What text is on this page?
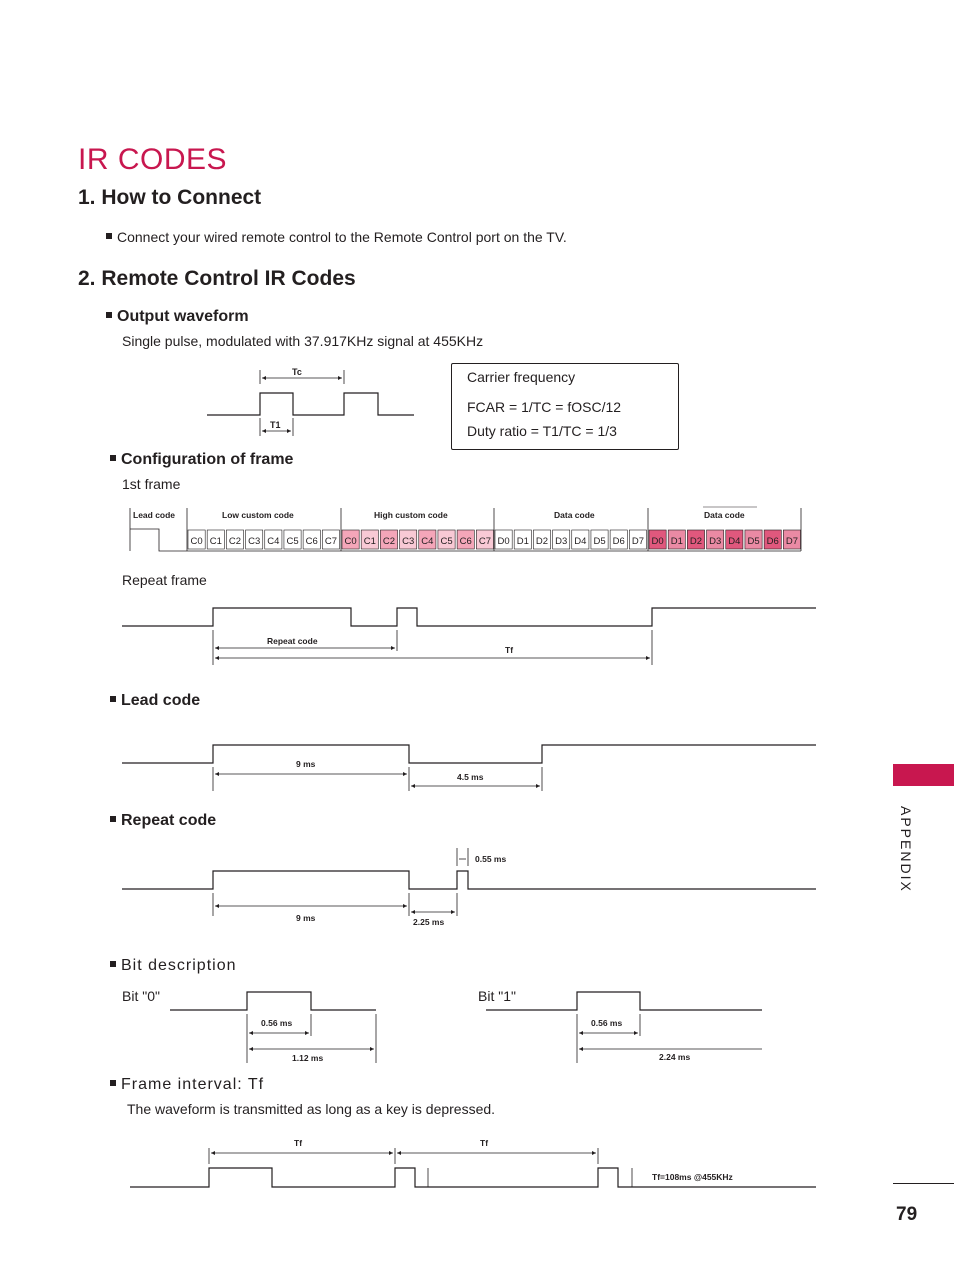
IR CODES
1. How to Connect
Connect your wired remote control to the Remote Control port on the TV.
2. Remote Control IR Codes
Output waveform
Single pulse, modulated with 37.917KHz signal at 455KHz
Carrier frequency
FCAR = 1/TC = fOSC/12
Duty ratio = T1/TC = 1/3
Configuration of frame
1st frame
Repeat frame
Lead code
Repeat code
Bit description
Bit "0"	Bit "1"
Frame interval: Tf
The waveform is transmitted as long as a key is depressed.
C0 C1 C2 C3 C4 C5 C6 C7 C0 C1 C2 C3 C4 C5 C6 C7 D0 D1 D2 D3 D4 D5 D6 D7 D0 D1 D2 D3 D4 D5 D6 D7
Tc
T1
Lead code	Low custom code	High custom code	Data code	Data code
Repeat code
Tf
9 ms
4.5 ms
0.55 ms
9 ms	2.25 ms
0.56 ms
1.12 ms
0.56 ms
2.24 ms
Tf	Tf
Tf=108ms @455KHz
APPENDIX
79
